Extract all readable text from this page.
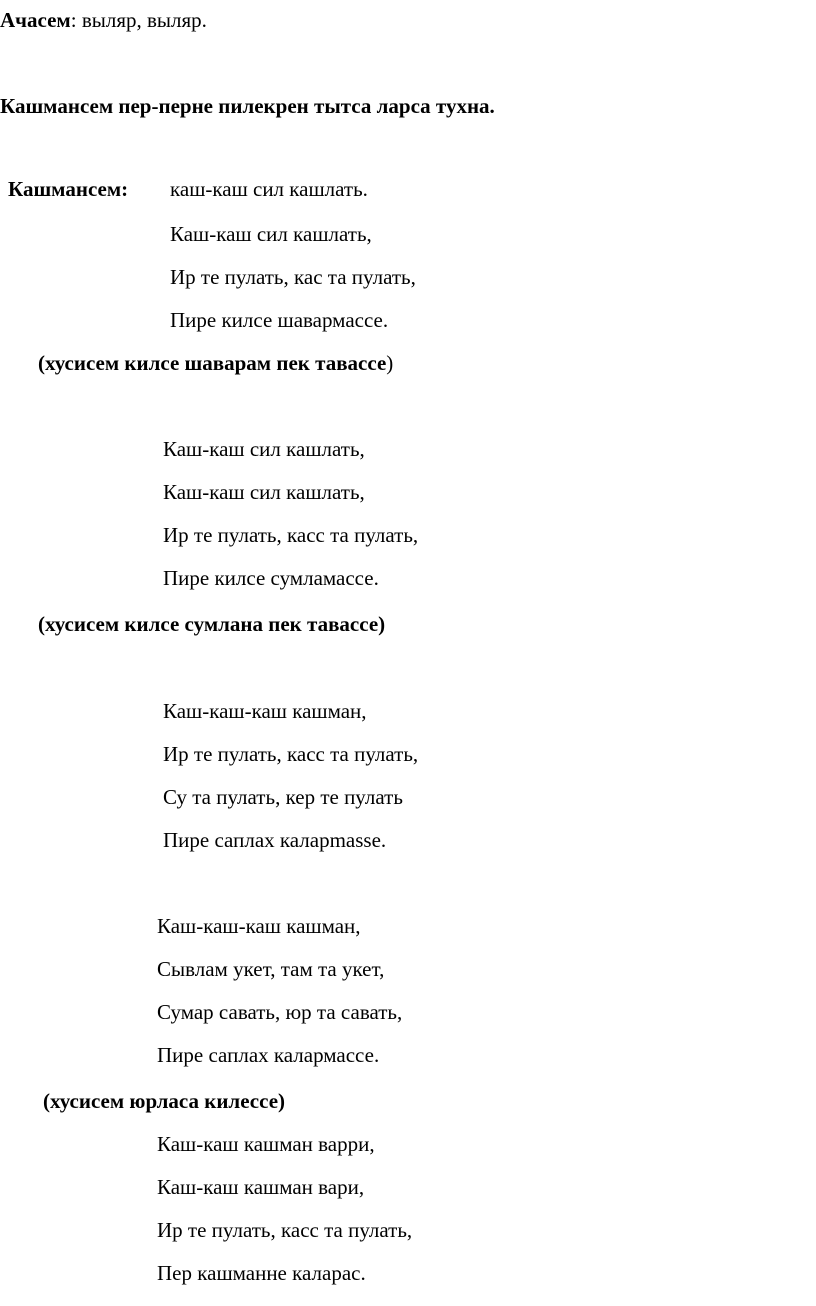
Ачасем: выляр, выляр.
Кашмансем пер-перне пилекрен тытса ларса тухна.
Кашмансем: каш-каш сил кашлать.
Каш-каш сил кашлать,
Ир те пулать, кас та пулать,
Пире килсе шавармассе.
(хусисем килсе шаварам пек тавассе)
Каш-каш сил кашлать,
Каш-каш сил кашлать,
Ир те пулать, касс та пулать,
Пире килсе сумламассе.
(хусисем килсе сумлана пек тавассе)
Каш-каш-каш кашман,
Ир те пулать, касс та пулать,
Су та пулать, кер те пулать
Пире саплах каларmassе.
Каш-каш-каш кашман,
Сывлам укет, там та укет,
Сумар савать, юр та савать,
Пире саплах калармассе.
(хусисем юрласа килессе)
Каш-каш кашман варри,
Каш-каш кашман вари,
Ир те пулать, касс та пулать,
Пер кашманне каларас.
